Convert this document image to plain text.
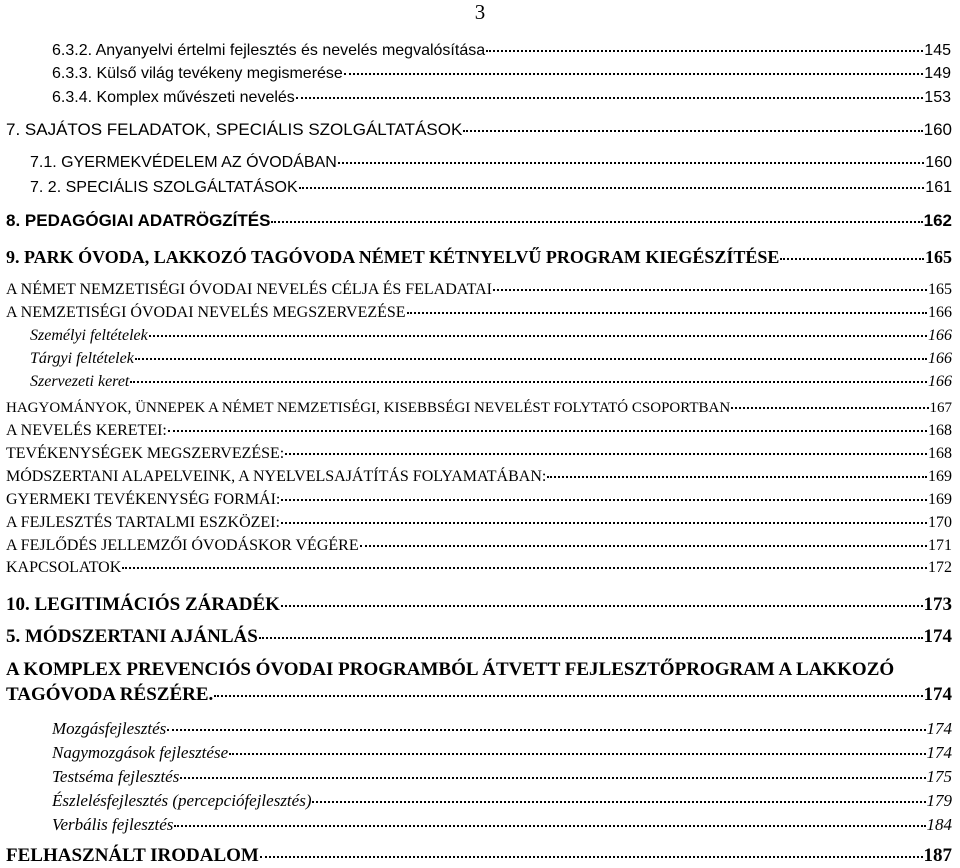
3
6.3.2. Anyanyelvi értelmi fejlesztés és nevelés megvalósítása	145
6.3.3. Külső világ tevékeny megismerése	149
6.3.4. Komplex művészeti nevelés	153
7. SAJÁTOS FELADATOK, SPECIÁLIS SZOLGÁLTATÁSOK	160
7.1. GYERMEKVÉDELEM AZ ÓVODÁBAN	160
7. 2. SPECIÁLIS SZOLGÁLTATÁSOK	161
8. PEDAGÓGIAI ADATRÖGZÍTÉS	162
9. PARK ÓVODA, LAKKOZÓ TAGÓVODA NÉMET KÉTNYELVŰ PROGRAM KIEGÉSZÍTÉSE	165
A NÉMET NEMZETISÉGI ÓVODAI NEVELÉS CÉLJA ÉS FELADATAI	165
A NEMZETISÉGI ÓVODAI NEVELÉS MEGSZERVEZÉSE	166
Személyi feltételek	166
Tárgyi feltételek	166
Szervezeti keret	166
HAGYOMÁNYOK, ÜNNEPEK A NÉMET NEMZETISÉGI, KISEBBSÉGI NEVELÉST FOLYTATÓ CSOPORTBAN	167
A NEVELÉS KERETEI:	168
TEVÉKENYSÉGEK MEGSZERVEZÉSE:	168
MÓDSZERTANI ALAPELVEINK, A NYELVELSAJÁTÍTÁS FOLYAMATÁBAN:	169
GYERMEKI TEVÉKENYSÉG FORMÁI:	169
A FEJLESZTÉS TARTALMI ESZKÖZEI:	170
A FEJLŐDÉS JELLEMZŐI ÓVODÁSKOR VÉGÉRE	171
KAPCSOLATOK	172
10. LEGITIMÁCIÓS ZÁRADÉK	173
5. MÓDSZERTANI AJÁNLÁS	174
A KOMPLEX PREVENCIÓS ÓVODAI PROGRAMBÓL ÁTVETT FEJLESZTŐPROGRAM A LAKKOZÓ
TAGÓVODA RÉSZÉRE.	174
Mozgásfejlesztés	174
Nagymozgások fejlesztése	174
Testséma fejlesztés	175
Észlelésfejlesztés (percepciófejlesztés)	179
Verbális fejlesztés	184
FELHASZNÁLT IRODALOM	187
